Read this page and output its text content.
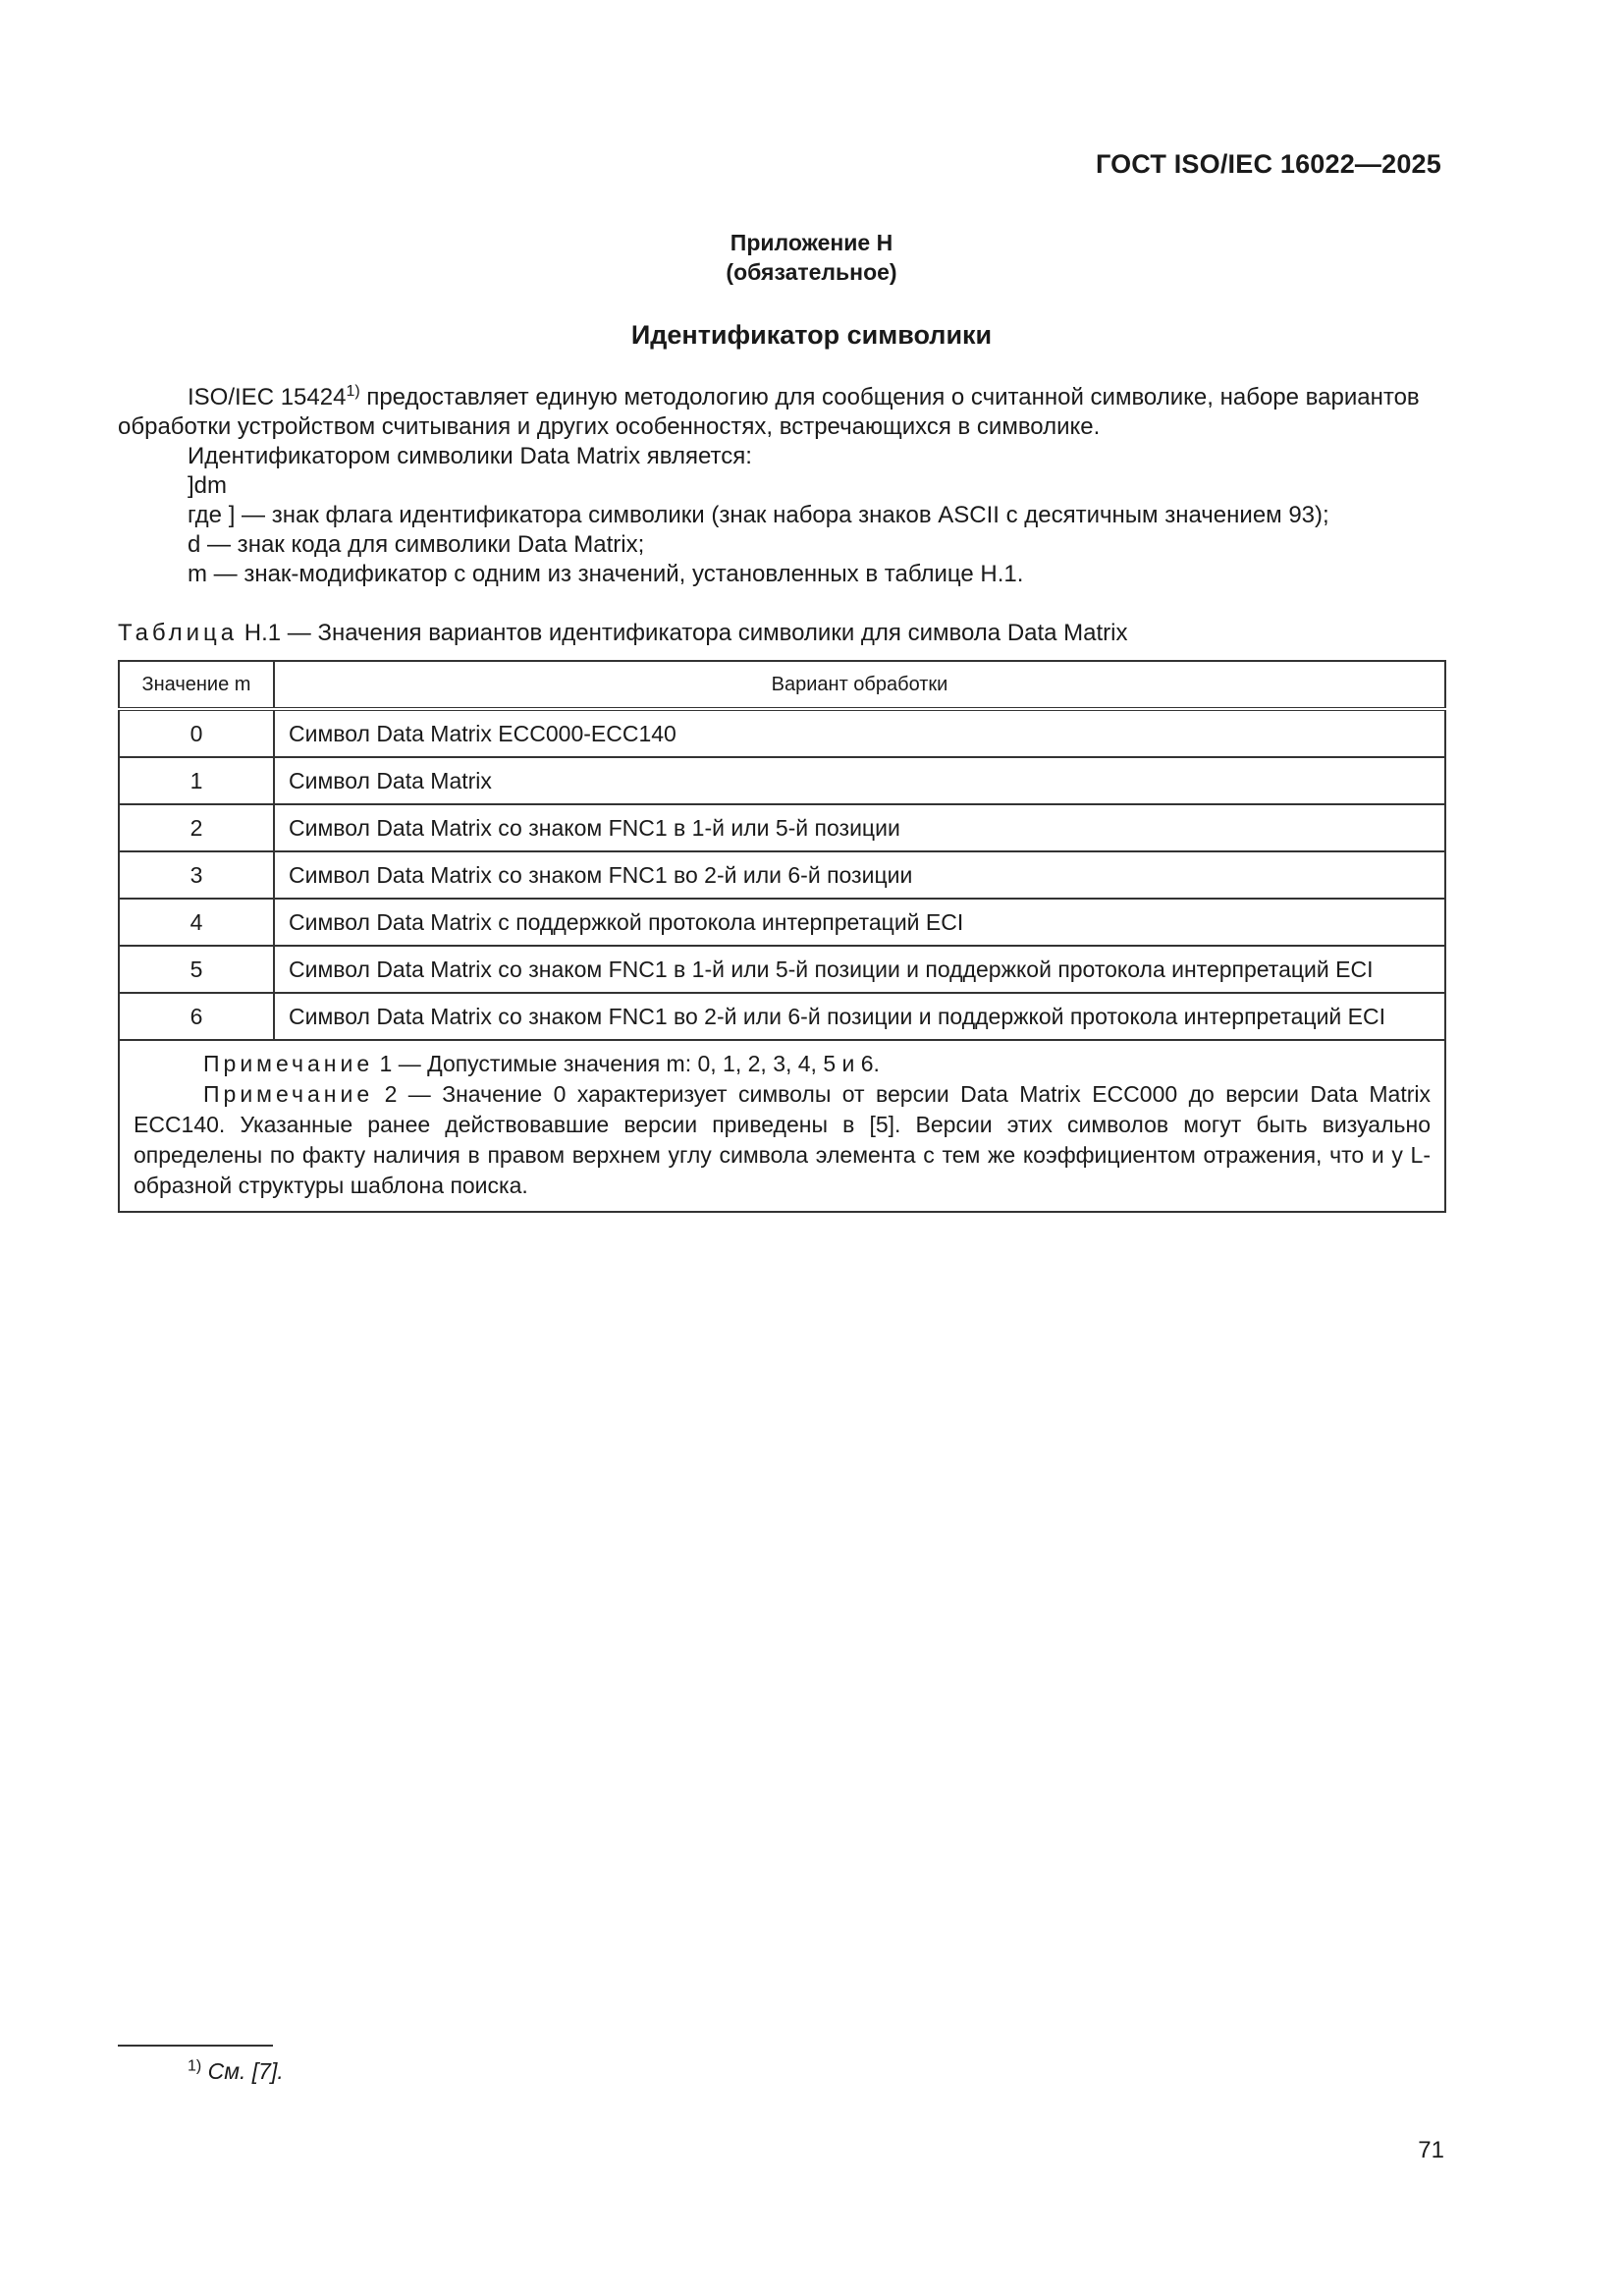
ГОСТ ISO/IEC 16022—2025
Приложение Н
(обязательное)
Идентификатор символики

ISO/IEC 15424$^{1)}$ предоставляет единую методологию для сообщения о считанной символике, наборе вариантов обработки устройством считывания и других особенностях, встречающихся в символике.

Идентификатором символики Data Matrix является:

]dm

где ] — знак флага идентификатора символики (знак набора знаков ASCII с десятичным значением 93);

d — знак кода для символики Data Matrix;

m — знак-модификатор с одним из значений, установленных в таблице Н.1.

Таблица Н.1 — Значения вариантов идентификатора символики для символа Data Matrix
Значение m	Вариант обработки
0	Символ Data Matrix ECC000-ECC140
1	Символ Data Matrix
2	Символ Data Matrix со знаком FNC1 в 1-й или 5-й позиции
3	Символ Data Matrix со знаком FNC1 во 2-й или 6-й позиции
4	Символ Data Matrix с поддержкой протокола интерпретаций ECI
5	Символ Data Matrix со знаком FNC1 в 1-й или 5-й позиции и поддержкой протокола интерпретаций ECI
6	Символ Data Matrix со знаком FNC1 во 2-й или 6-й позиции и поддержкой протокола интерпретаций ECI

Примечание 1 — Допустимые значения m: 0, 1, 2, 3, 4, 5 и 6.

Примечание 2 — Значение 0 характеризует символы от версии Data Matrix ECC000 до версии Data Matrix ECC140. Указанные ранее действовавшие версии приведены в [5]. Версии этих символов могут быть визуально определены по факту наличия в правом верхнем углу символа элемента с тем же коэффициентом отражения, что и у L-образной структуры шаблона поиска.	

$^{1)}$ См. [7].
71
